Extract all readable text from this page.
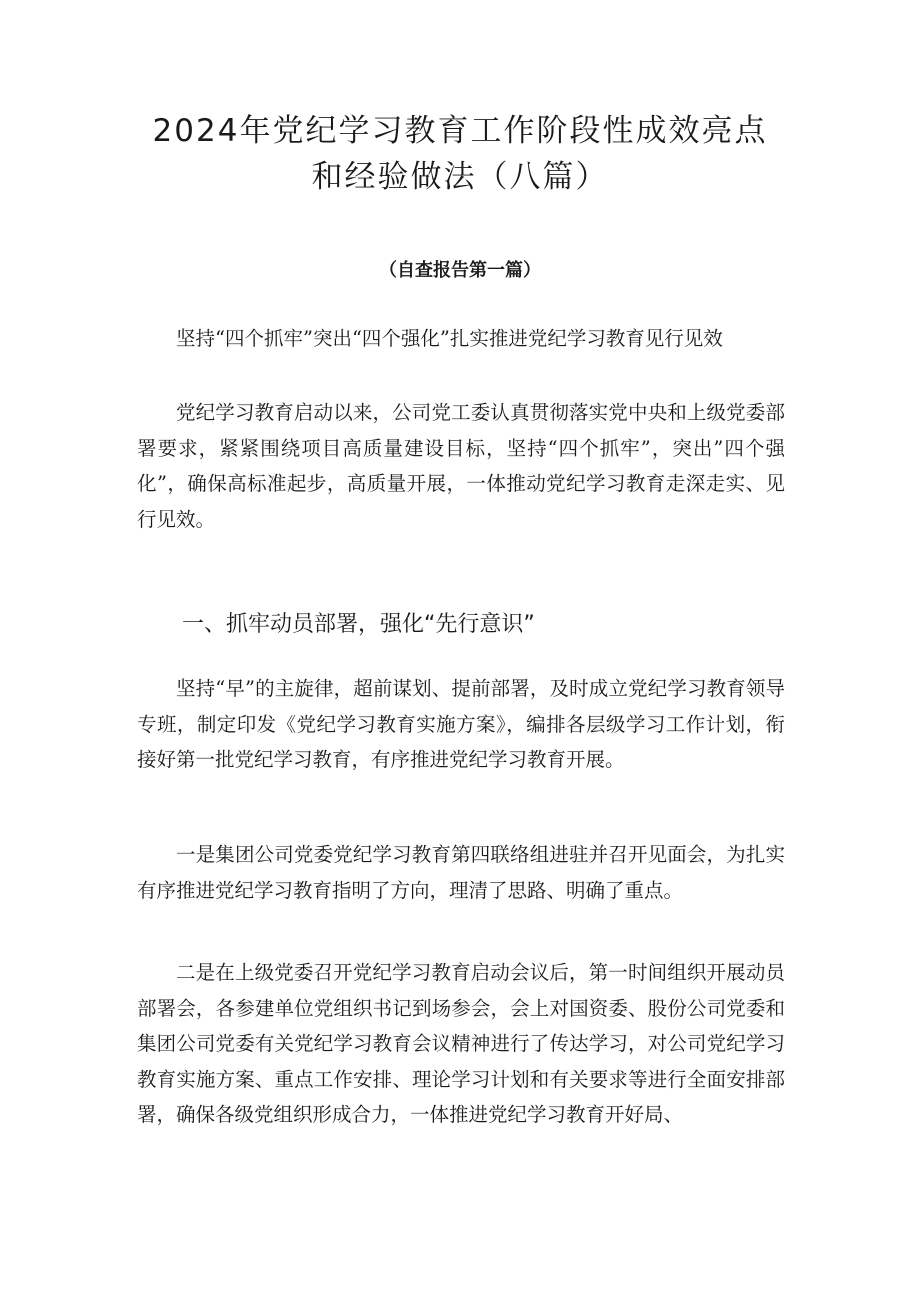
2024年党纪学习教育工作阶段性成效亮点
和经验做法（八篇）
（自查报告第一篇）

坚持“四个抓牢”突出“四个强化”扎实推进党纪学习教育见行见效

党纪学习教育启动以来，公司党工委认真贯彻落实党中央和上级党委部署要求，紧紧围绕项目高质量建设目标，坚持“四个抓牢”，突出”四个强化”，确保高标准起步，高质量开展，一体推动党纪学习教育走深走实、见行见效。

一、抓牢动员部署，强化“先行意识”

坚持“早”的主旋律，超前谋划、提前部署，及时成立党纪学习教育领导专班，制定印发《党纪学习教育实施方案》，编排各层级学习工作计划，衔接好第一批党纪学习教育，有序推进党纪学习教育开展。

一是集团公司党委党纪学习教育第四联络组进驻并召开见面会，为扎实有序推进党纪学习教育指明了方向，理清了思路、明确了重点。

二是在上级党委召开党纪学习教育启动会议后，第一时间组织开展动员部署会，各参建单位党组织书记到场参会，会上对国资委、股份公司党委和集团公司党委有关党纪学习教育会议精神进行了传达学习，对公司党纪学习教育实施方案、重点工作安排、理论学习计划和有关要求等进行全面安排部署，确保各级党组织形成合力，一体推进党纪学习教育开好局、
